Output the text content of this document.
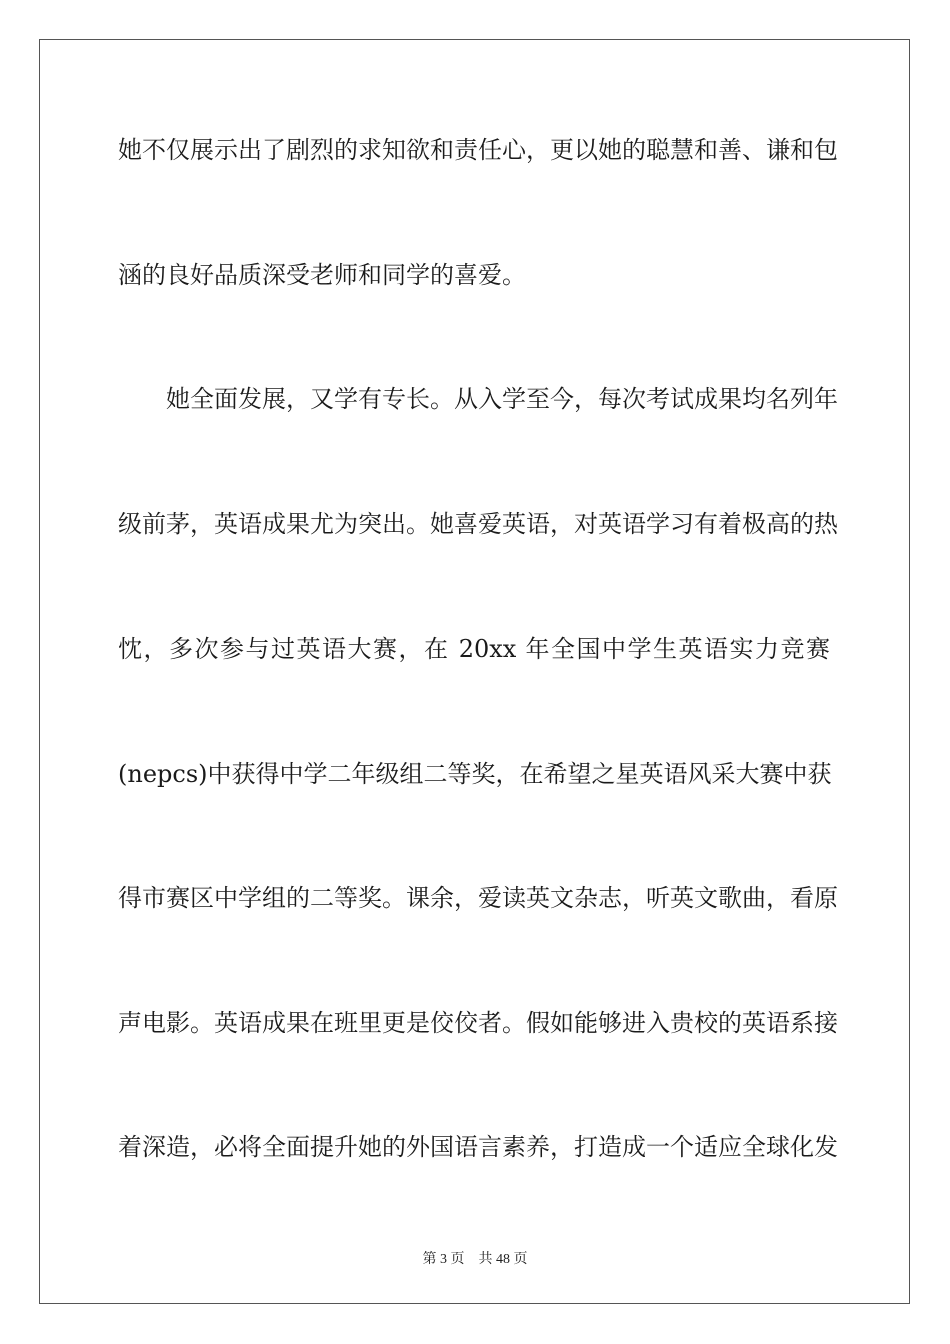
她不仅展示出了剧烈的求知欲和责任心，更以她的聪慧和善、谦和包
涵的良好品质深受老师和同学的喜爱。
　　她全面发展，又学有专长。从入学至今，每次考试成果均名列年
级前茅，英语成果尤为突出。她喜爱英语，对英语学习有着极高的热
忱，多次参与过英语大赛，在 20xx 年全国中学生英语实力竞赛
(nepcs)中获得中学二年级组二等奖，在希望之星英语风采大赛中获
得市赛区中学组的二等奖。课余，爱读英文杂志，听英文歌曲，看原
声电影。英语成果在班里更是佼佼者。假如能够进入贵校的英语系接
着深造，必将全面提升她的外国语言素养，打造成一个适应全球化发
第 3 页 共 48 页
